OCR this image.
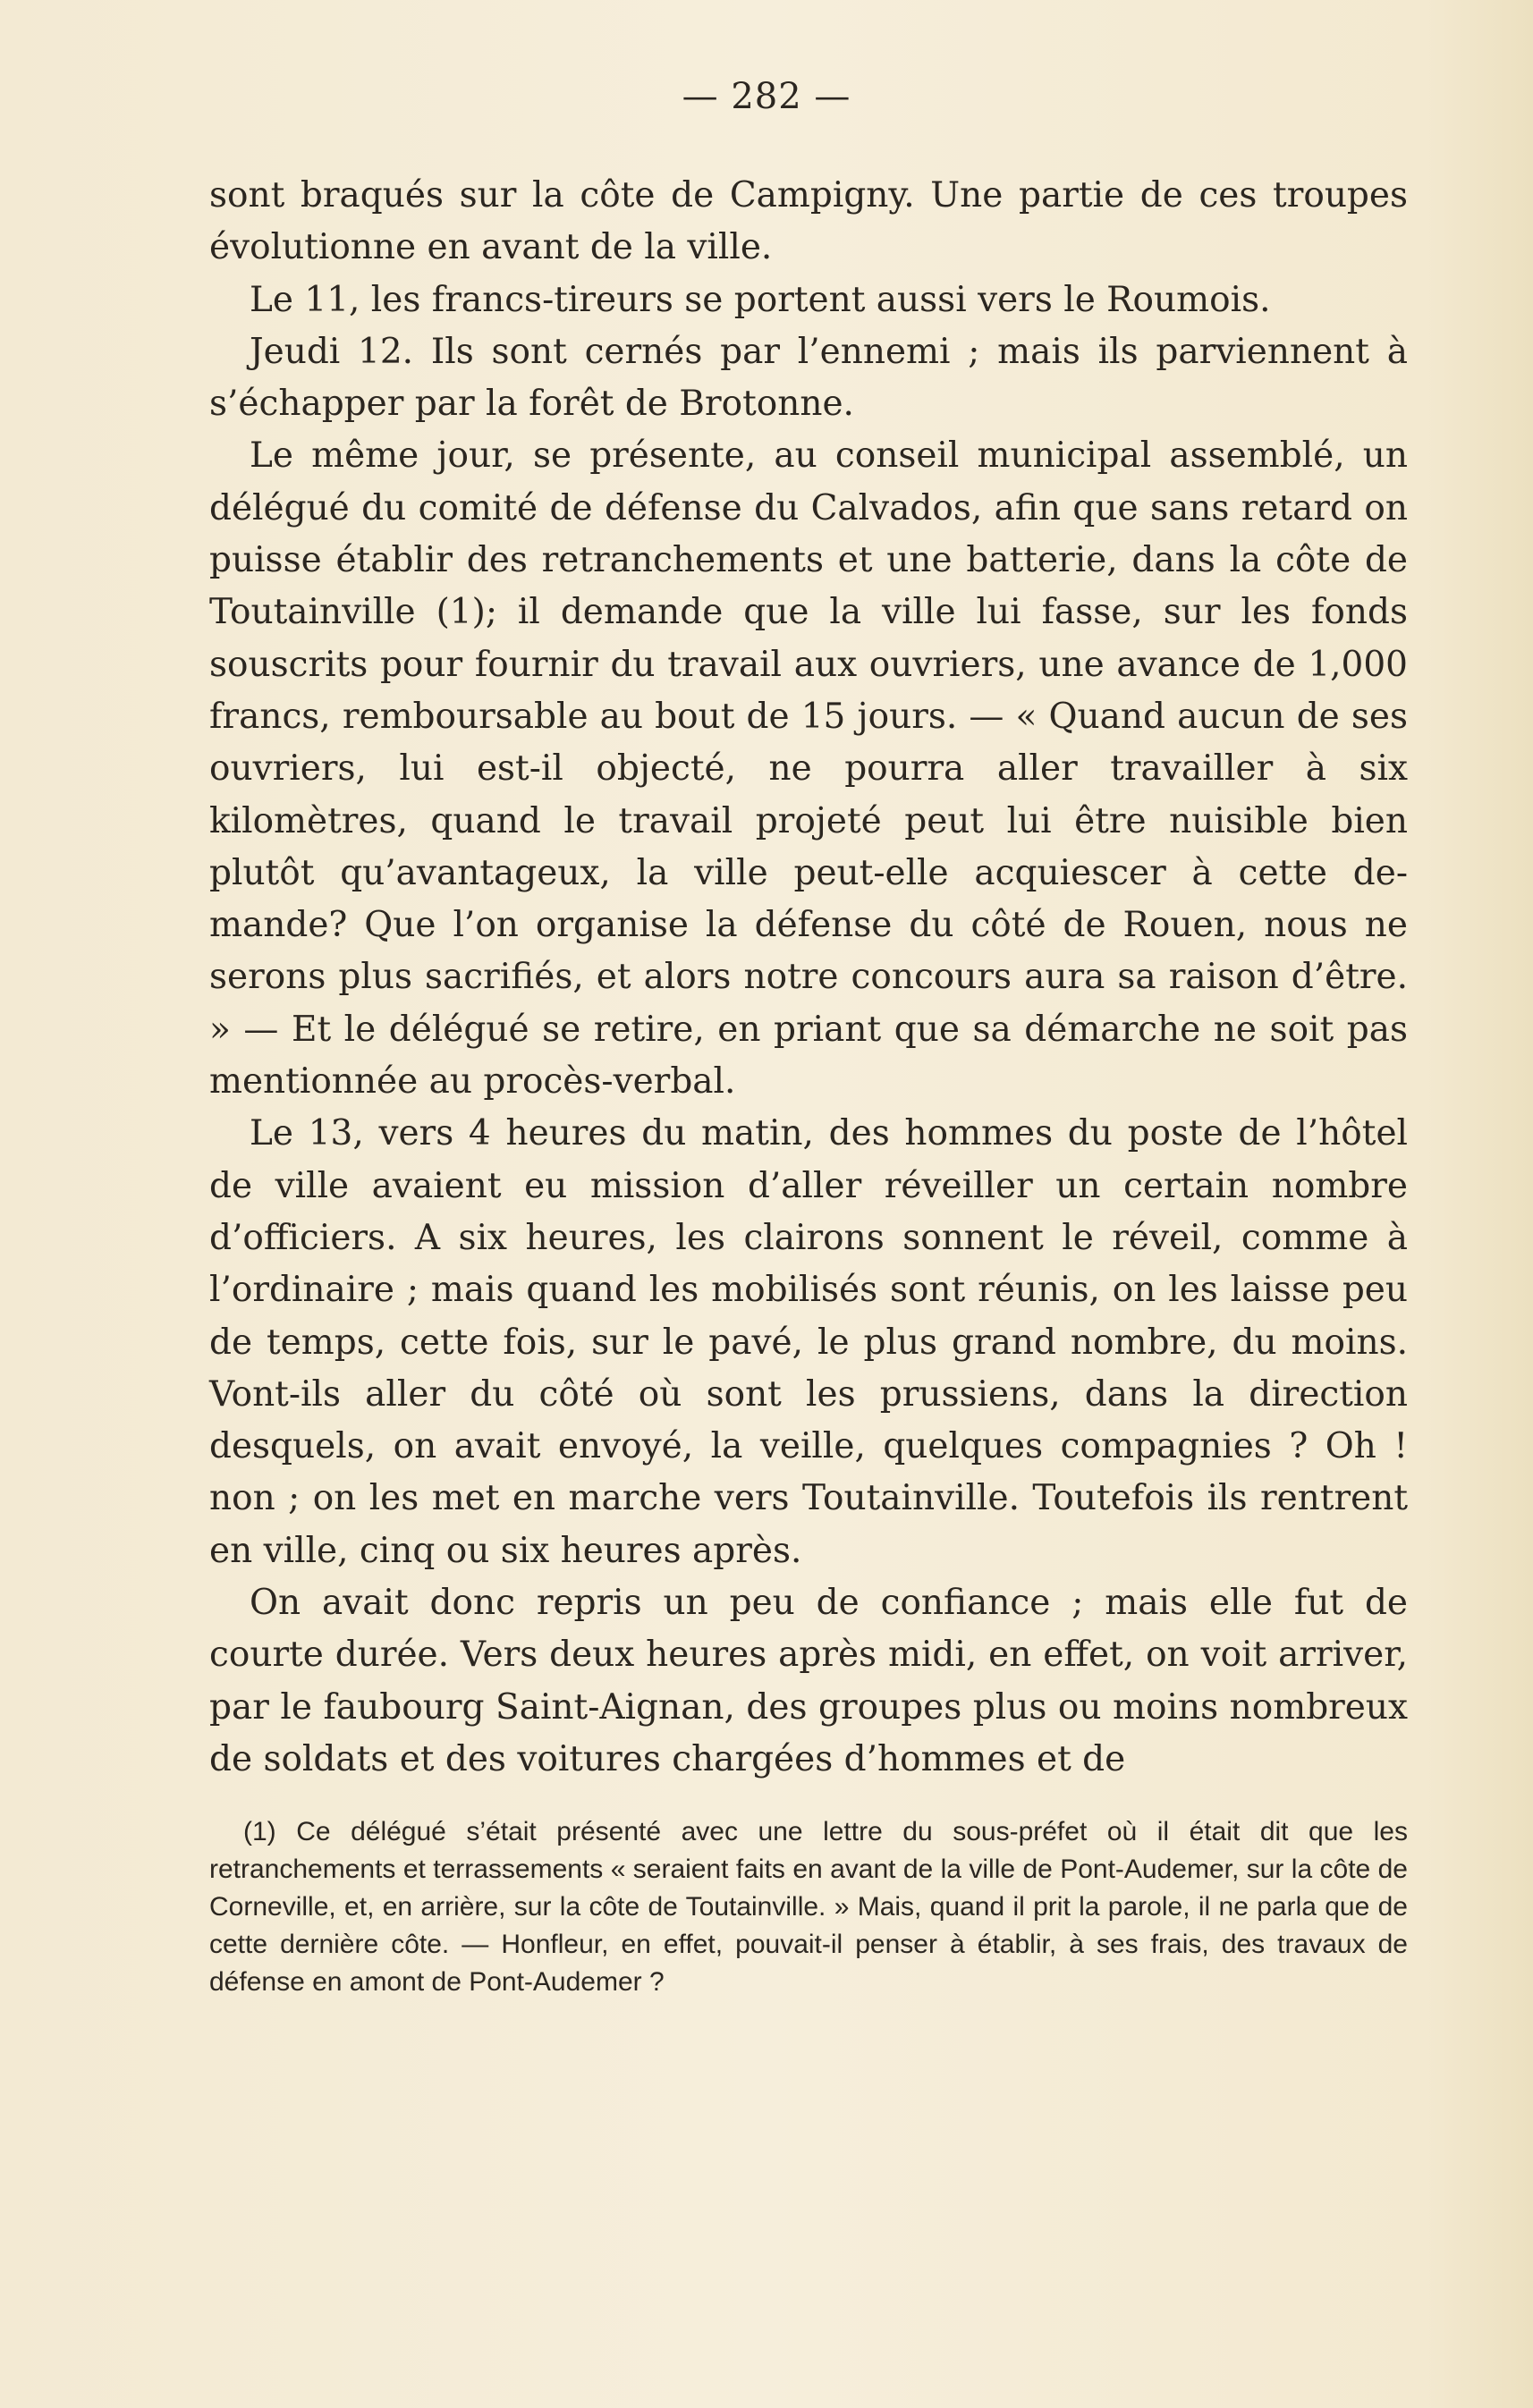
— 282 —

sont braqués sur la côte de Campigny. Une partie de ces troupes évolutionne en avant de la ville.

Le 11, les francs-tireurs se portent aussi vers le Roumois.

Jeudi 12. Ils sont cernés par l’ennemi ; mais ils parviennent à s’échapper par la forêt de Brotonne.

Le même jour, se présente, au conseil municipal assemblé, un délégué du comité de défense du Calvados, afin que sans retard on puisse établir des retranchements et une batterie, dans la côte de Toutainville (1); il demande que la ville lui fasse, sur les fonds souscrits pour fournir du travail aux ouvriers, une avance de 1,000 francs, remboursable au bout de 15 jours. — « Quand aucun de ses ouvriers, lui est-il objecté, ne pourra aller travailler à six kilomètres, quand le travail projeté peut lui être nuisible bien plutôt qu’avantageux, la ville peut-elle acquiescer à cette demande? Que l’on organise la défense du côté de Rouen, nous ne serons plus sacrifiés, et alors notre concours aura sa raison d’être. » — Et le délégué se retire, en priant que sa démarche ne soit pas mentionnée au procès-verbal.

Le 13, vers 4 heures du matin, des hommes du poste de l’hôtel de ville avaient eu mission d’aller réveiller un certain nombre d’officiers. A six heures, les clairons sonnent le réveil, comme à l’ordinaire ; mais quand les mobilisés sont réunis, on les laisse peu de temps, cette fois, sur le pavé, le plus grand nombre, du moins. Vont-ils aller du côté où sont les prussiens, dans la direction desquels, on avait envoyé, la veille, quelques compagnies ? Oh ! non ; on les met en marche vers Toutainville. Toutefois ils rentrent en ville, cinq ou six heures après.

On avait donc repris un peu de confiance ; mais elle fut de courte durée. Vers deux heures après midi, en effet, on voit arriver, par le faubourg Saint-Aignan, des groupes plus ou moins nombreux de soldats et des voitures chargées d’hommes et de

(1) Ce délégué s’était présenté avec une lettre du sous-préfet où il était dit que les retranchements et terrassements « seraient faits en avant de la ville de Pont-Audemer, sur la côte de Corneville, et, en arrière, sur la côte de Toutainville. » Mais, quand il prit la parole, il ne parla que de cette dernière côte. — Honfleur, en effet, pouvait-il penser à établir, à ses frais, des travaux de défense en amont de Pont-Audemer ?
